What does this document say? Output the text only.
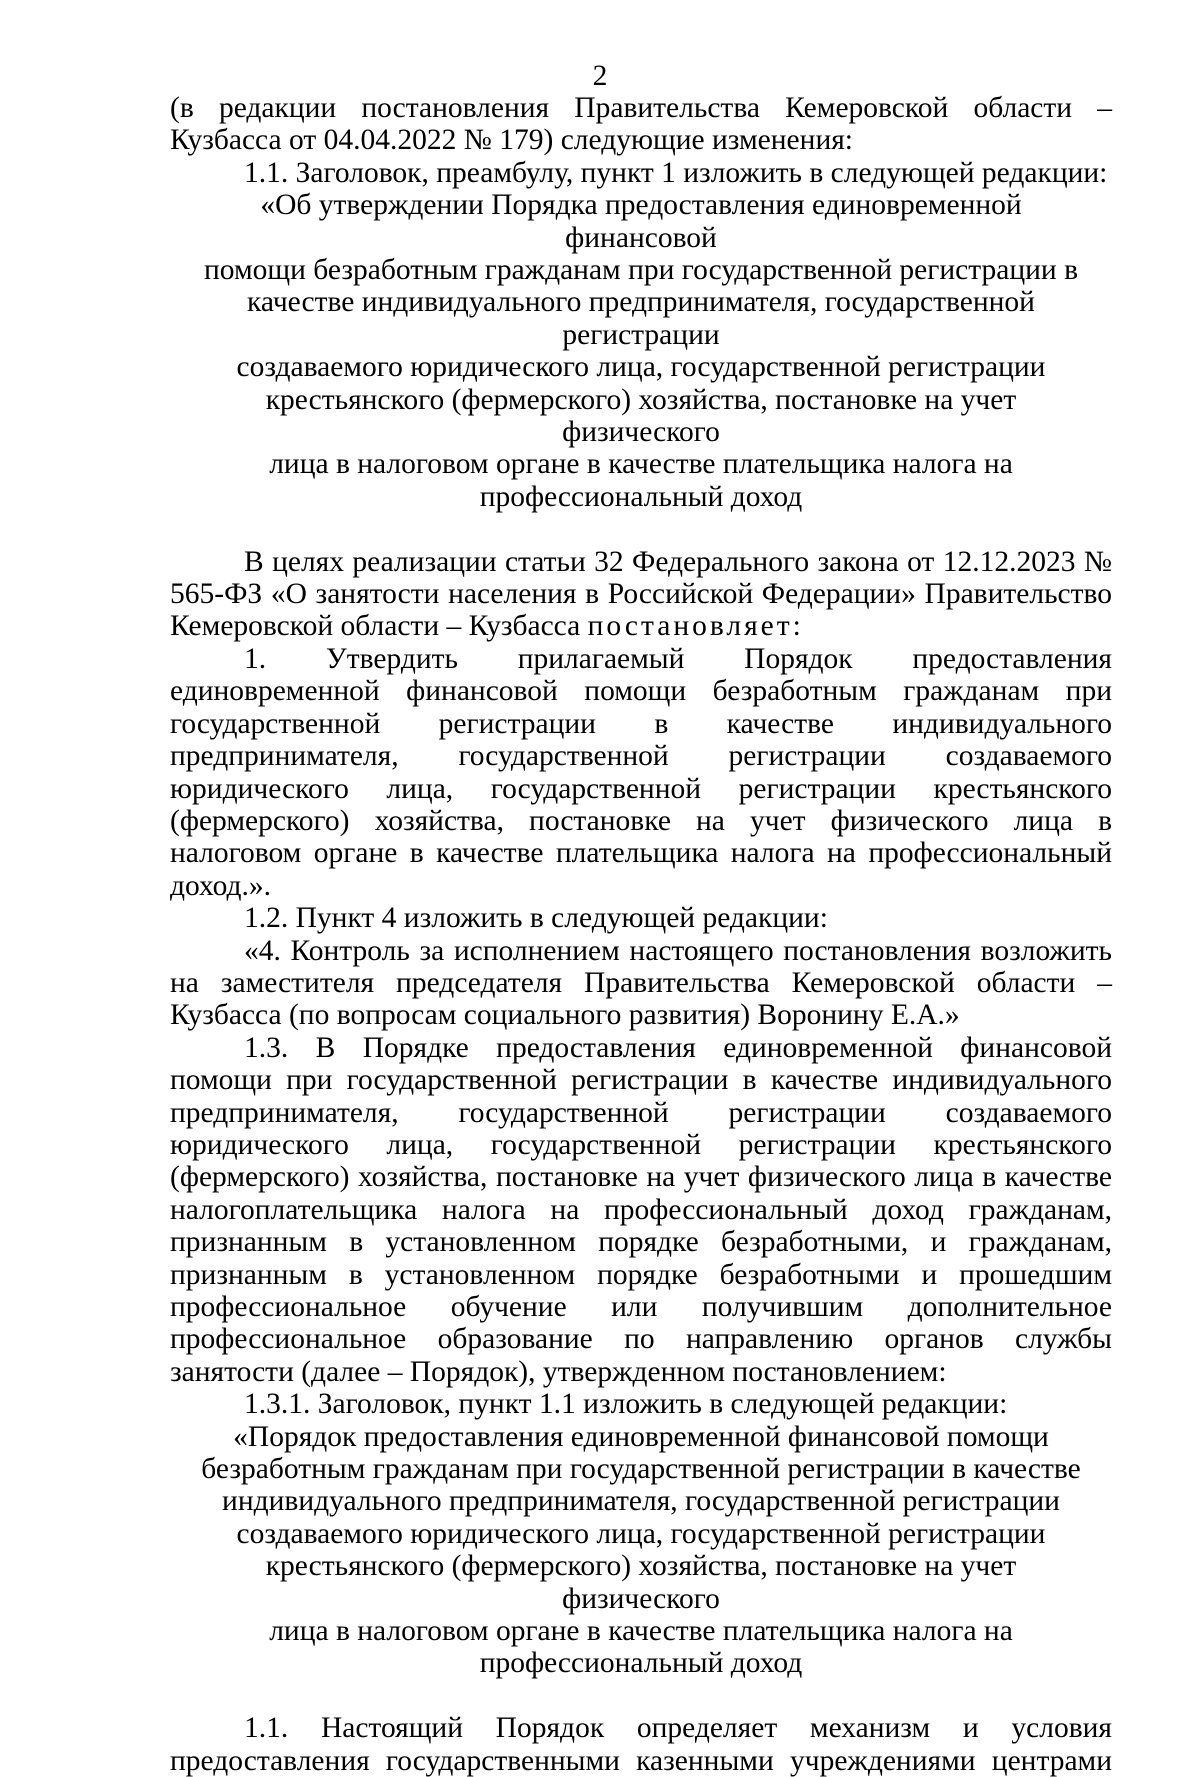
2

(в редакции постановления Правительства Кемеровской области – Кузбасса от 04.04.2022 № 179) следующие изменения:

1.1. Заголовок, преамбулу, пункт 1 изложить в следующей редакции:

«Об утверждении Порядка предоставления единовременной финансовой

помощи безработным гражданам при государственной регистрации в

качестве индивидуального предпринимателя, государственной регистрации

создаваемого юридического лица, государственной регистрации

крестьянского (фермерского) хозяйства, постановке на учет физического

лица в налоговом органе в качестве плательщика налога на

профессиональный доход

В целях реализации статьи 32 Федерального закона от 12.12.2023 № 565-ФЗ «О занятости населения в Российской Федерации» Правительство Кемеровской области – Кузбасса постановляет:

1. Утвердить прилагаемый Порядок предоставления единовременной финансовой помощи безработным гражданам при государственной регистрации в качестве индивидуального предпринимателя, государственной регистрации создаваемого юридического лица, государственной регистрации крестьянского (фермерского) хозяйства, постановке на учет физического лица в налоговом органе в качестве плательщика налога на профессиональный доход.».

1.2. Пункт 4 изложить в следующей редакции:

«4. Контроль за исполнением настоящего постановления возложить на заместителя председателя Правительства Кемеровской области – Кузбасса (по вопросам социального развития) Воронину Е.А.»

1.3. В Порядке предоставления единовременной финансовой помощи при государственной регистрации в качестве индивидуального предпринимателя, государственной регистрации создаваемого юридического лица, государственной регистрации крестьянского (фермерского) хозяйства, постановке на учет физического лица в качестве налогоплательщика налога на профессиональный доход гражданам, признанным в установленном порядке безработными, и гражданам, признанным в установленном порядке безработными и прошедшим профессиональное обучение или получившим дополнительное профессиональное образование по направлению органов службы занятости (далее – Порядок), утвержденном постановлением:

1.3.1. Заголовок, пункт 1.1 изложить в следующей редакции:

«Порядок предоставления единовременной финансовой помощи

безработным гражданам при государственной регистрации в качестве

индивидуального предпринимателя, государственной регистрации

создаваемого юридического лица, государственной регистрации

крестьянского (фермерского) хозяйства, постановке на учет физического

лица в налоговом органе в качестве плательщика налога на

профессиональный доход

1.1. Настоящий Порядок определяет механизм и условия предоставления государственными казенными учреждениями центрами
